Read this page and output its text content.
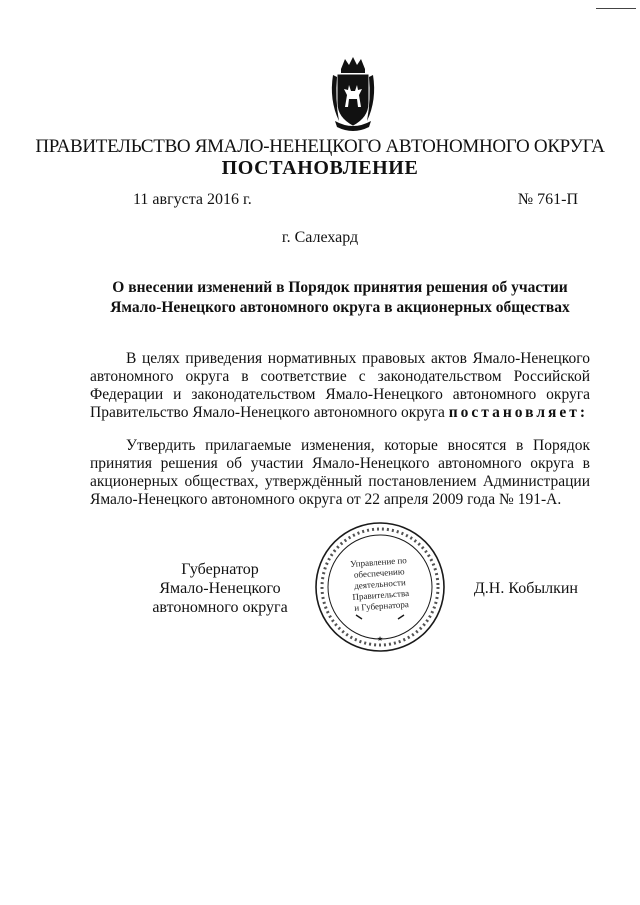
ПРАВИТЕЛЬСТВО ЯМАЛО-НЕНЕЦКОГО АВТОНОМНОГО ОКРУГА
ПОСТАНОВЛЕНИЕ
11 августа 2016 г.	№ 761-П
г. Салехард
О внесении изменений в Порядок принятия решения об участии
Ямало-Ненецкого автономного округа в акционерных обществах
В целях приведения нормативных правовых актов Ямало-Ненецкого автономного округа в соответствие с законодательством Российской Федерации и законодательством Ямало-Ненецкого автономного округа Правительство Ямало-Ненецкого автономного округа постановляет:
Утвердить прилагаемые изменения, которые вносятся в Порядок принятия решения об участии Ямало-Ненецкого автономного округа в акционерных обществах, утверждённый постановлением Администрации Ямало-Ненецкого автономного округа от 22 апреля 2009 года № 191-А.
Губернатор
Ямало-Ненецкого автономного округа
★
Управление по
обеспечению
деятельности
Правительства
и Губернатора
Д.Н. Кобылкин
